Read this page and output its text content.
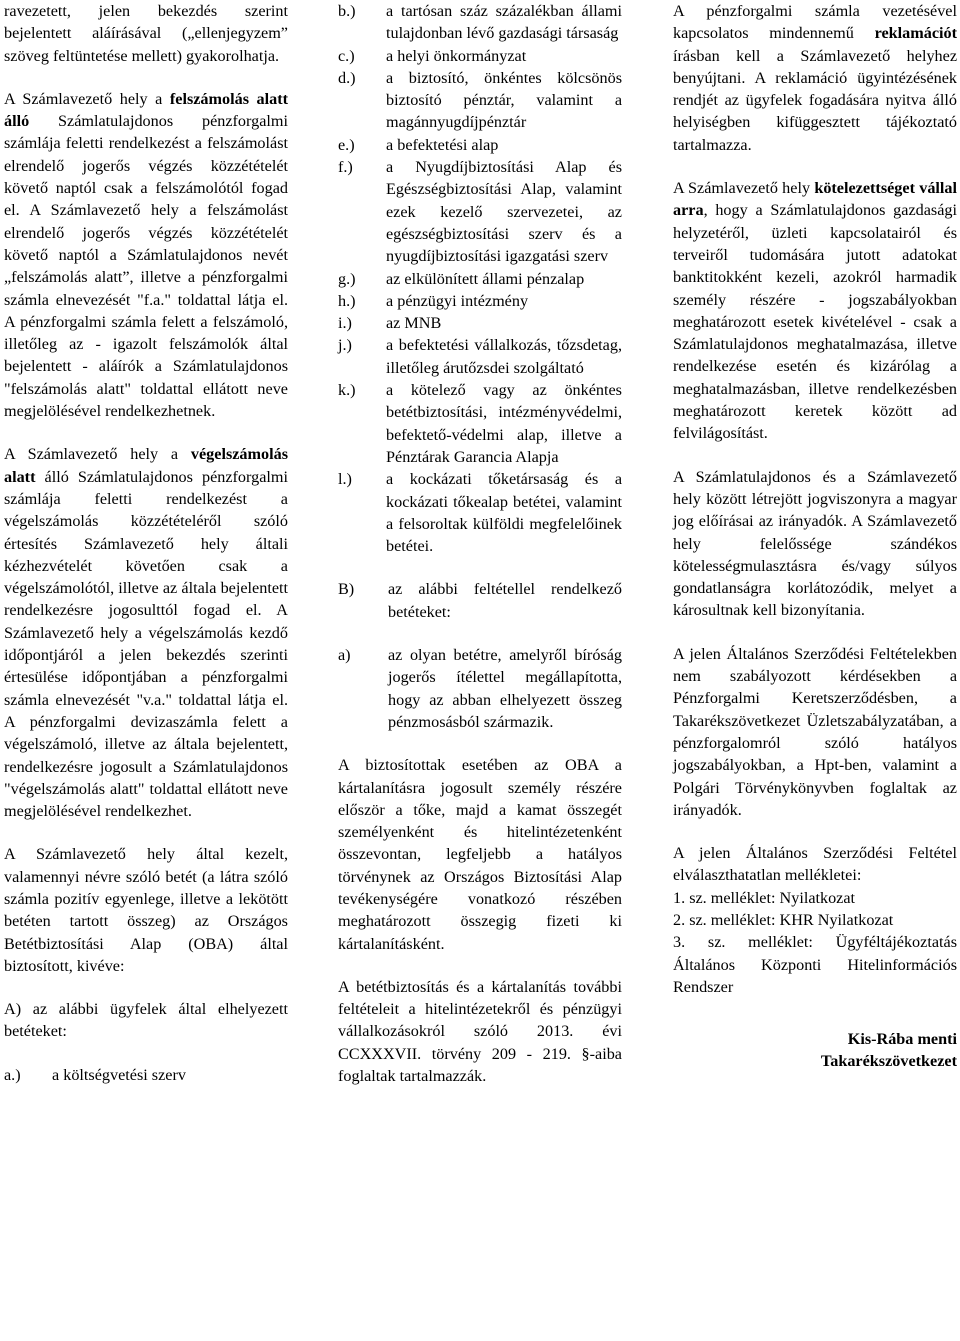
ravezetett, jelen bekezdés szerint bejelentett aláírásával („ellenjegyzem” szöveg feltüntetése mellett) gyakorolhatja.

A Számlavezető hely a felszámolás alatt álló Számlatulajdonos pénzforgalmi számlája feletti rendelkezést a felszámolást elrendelő jogerős végzés közzétételét követő naptól csak a felszámolótól fogad el. A Számlavezető hely a felszámolást elrendelő jogerős végzés közzétételét követő naptól a Számlatulajdonos nevét „felszámolás alatt”, illetve a pénzforgalmi számla elnevezését "f.a." toldattal látja el. A pénzforgalmi számla felett a felszámoló, illetőleg az - igazolt felszámolók által bejelentett - aláírók a Számlatulajdonos "felszámolás alatt" toldattal ellátott neve megjelölésével rendelkezhetnek.

A Számlavezető hely a végelszámolás alatt álló Számlatulajdonos pénzforgalmi számlája feletti rendelkezést a végelszámolás közzétételéről szóló értesítés Számlavezető hely általi kézhezvételét követően csak a végelszámolótól, illetve az általa bejelentett rendelkezésre jogosulttól fogad el. A Számlavezető hely a végelszámolás kezdő időpontjáról a jelen bekezdés szerinti értesülése időpontjában a pénzforgalmi számla elnevezését "v.a." toldattal látja el. A pénzforgalmi devizaszámla felett a végelszámoló, illetve az általa bejelentett, rendelkezésre jogosult a Számlatulajdonos "végelszámolás alatt" toldattal ellátott neve megjelölésével rendelkezhet.

A Számlavezető hely által kezelt, valamennyi névre szóló betét (a látra szóló számla pozitív egyenlege, illetve a lekötött betéten tartott összeg) az Országos Betétbiztosítási Alap (OBA) által biztosított, kivéve:

A) az alábbi ügyfelek által elhelyezett betéteket:

a.)	a költségvetési szerv

b.)	a tartósan száz százalékban állami tulajdonban lévő gazdasági társaság

c.)	a helyi önkormányzat

d.)	a biztosító, önkéntes kölcsönös biztosító pénztár, valamint a magánnyugdíjpénztár

e.)	a befektetési alap

f.)	a Nyugdíjbiztosítási Alap és Egészségbiztosítási Alap, valamint ezek kezelő szervezetei, az egészségbiztosítási szerv és a nyugdíjbiztosítási igazgatási szerv

g.)	az elkülönített állami pénzalap

h.)	a pénzügyi intézmény

i.)	az MNB

j.)	a befektetési vállalkozás, tőzsdetag, illetőleg árutőzsdei szolgáltató

k.)	a kötelező vagy az önkéntes betétbiztosítási, intézményvédelmi, befektető-védelmi alap, illetve a Pénztárak Garancia Alapja

l.)	a kockázati tőketársaság és a kockázati tőkealap betétei, valamint a felsoroltak külföldi megfelelőinek betétei.

B)	az alábbi feltétellel rendelkező betéteket:

a)	az olyan betétre, amelyről bíróság jogerős ítélettel megállapította, hogy az abban elhelyezett összeg pénzmosásból származik.

A biztosítottak esetében az OBA a kártalanításra jogosult személy részére először a tőke, majd a kamat összegét személyenként és hitelintézetenként összevontan, legfeljebb a hatályos törvénynek az Országos Biztosítási Alap tevékenységére vonatkozó részében meghatározott összegig fizeti ki kártalanításként.

A betétbiztosítás és a kártalanítás további feltételeit a hitelintézetekről és pénzügyi vállalkozásokról szóló 2013. évi CCXXXVII. törvény 209 - 219. §-aiba foglaltak tartalmazzák.

A pénzforgalmi számla vezetésével kapcsolatos mindennemű reklamációt írásban kell a Számlavezető helyhez benyújtani. A reklamáció ügyintézésének rendjét az ügyfelek fogadására nyitva álló helyiségben kifüggesztett tájékoztató tartalmazza.

A Számlavezető hely kötelezettséget vállal arra, hogy a Számlatulajdonos gazdasági helyzetéről, üzleti kapcsolatairól és terveiről tudomására jutott adatokat banktitokként kezeli, azokról harmadik személy részére - jogszabályokban meghatározott esetek kivételével - csak a Számlatulajdonos meghatalmazása, illetve rendelkezése esetén és kizárólag a meghatalmazásban, illetve rendelkezésben meghatározott keretek között ad felvilágosítást.

A Számlatulajdonos és a Számlavezető hely között létrejött jogviszonyra a magyar jog előírásai az irányadók. A Számlavezető hely felelőssége szándékos kötelességmulasztásra és/vagy súlyos gondatlanságra korlátozódik, melyet a károsultnak kell bizonyítania.

A jelen Általános Szerződési Feltételekben nem szabályozott kérdésekben a Pénzforgalmi Keretszerződésben, a Takarékszövetkezet Üzletszabályzatában, a pénzforgalomról szóló hatályos jogszabályokban, a Hpt-ben, valamint a Polgári Törvénykönyvben foglaltak az irányadók.

A jelen Általános Szerződési Feltétel elválaszthatatlan mellékletei:

1. sz. melléklet: Nyilatkozat

2. sz. melléklet: KHR Nyilatkozat

3. sz. melléklet: Ügyféltájékoztatás Általános Központi Hitelinformációs Rendszer

Kis-Rába menti
Takarékszövetkezet
